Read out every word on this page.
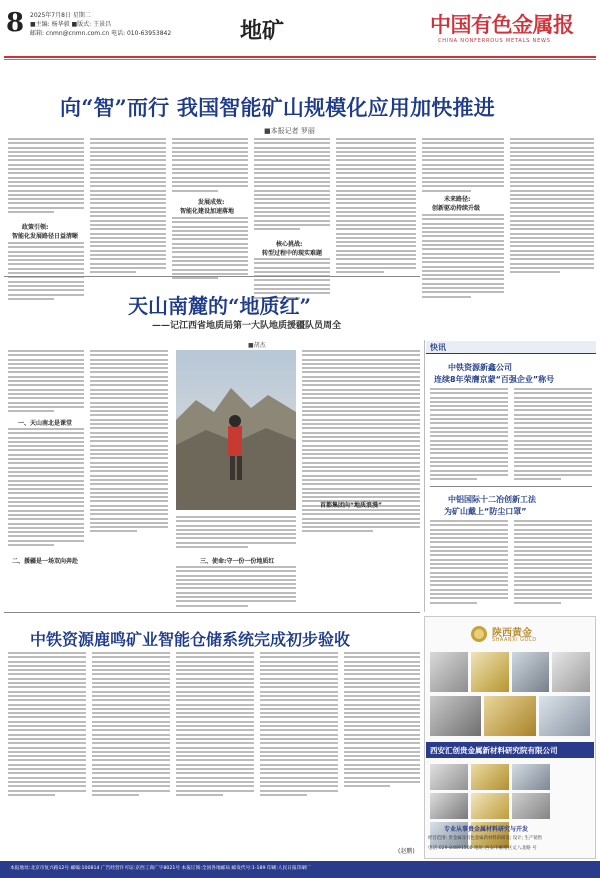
8 2025年7月8日 星期二
■主编: 杨华毅 ■版式: 王景昌
邮箱: cnmn@cnmn.com.cn 电话: 010-63953842	地矿	中国有色金属报
CHINA NONFERROUS METALS NEWS
向“智”而行 我国智能矿山规模化应用加快推进
■本报记者 罗丽
政策引领:
智能化发展路径日益清晰
发展成效:
智能化建设加速落地
核心挑战:
转型过程中的现实难题
未来路径:
创新驱动持续升级
天山南麓的“地质红”
——记江西省地质局第一大队地质援疆队员周全
■胡杰
一、天山南北是课堂
二、援疆是一场双向奔赴	三、使命:守一份一份地质红
首都集团向“地质浪漫”
快讯
中铁资源新鑫公司
连续8年荣膺京蒙“百强企业”称号
中铝国际十二冶创新工法
为矿山戴上“防尘口罩”
中铁资源鹿鸣矿业智能仓储系统完成初步验收
(赵鹏)
陕西黄金
SHAANXI GOLD
西安汇创贵金属新材料研究院有限公司
专业从事贵金属材料研究与开发
经营范围: 贵金属及有色金属新材料的研发; 设计; 生产销售
电话:029-84891500 地址:西安市雁塔区丈八北路 号
本报地址:北京市复兴路12号 邮编:100814 广告经营许可证:京西工商广字8021号 本报订阅:全国各地邮局 邮发代号:1-189 印刷:人民日报印刷厂
